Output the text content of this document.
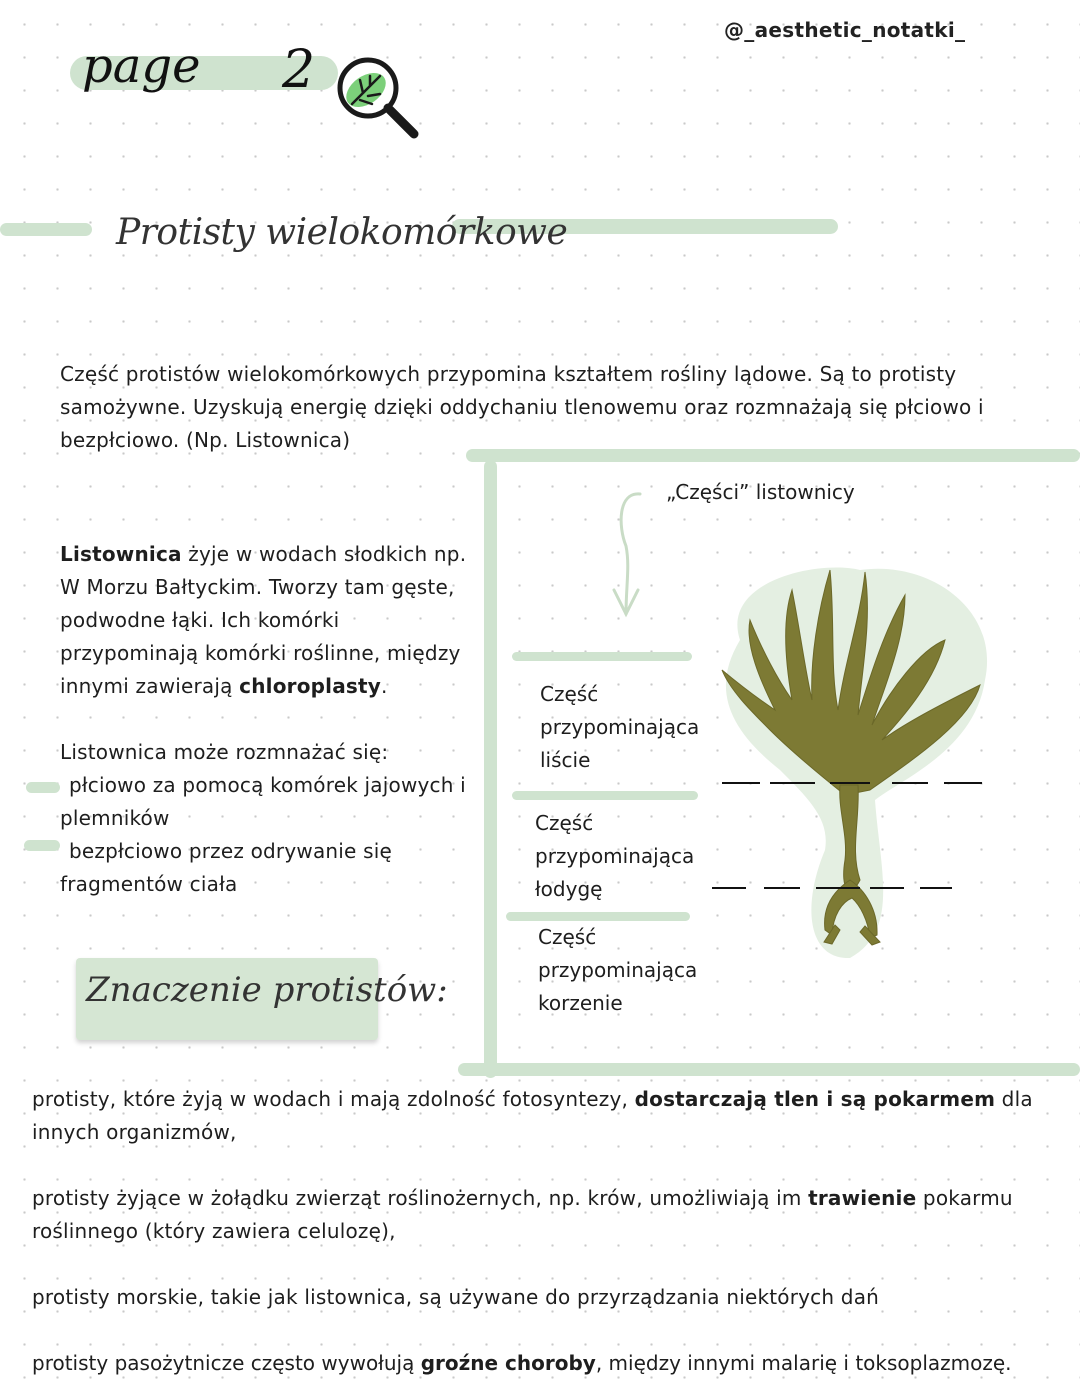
@_aesthetic_notatki_
page 2
Protisty wielokomórkowe
Część protistów wielokomórkowych przypomina kształtem rośliny lądowe. Są to protisty samożywne. Uzyskują energię dzięki oddychaniu tlenowemu oraz rozmnażają się płciowo i bezpłciowo. (Np. Listownica)
„Części” listownicy
Część
przypominająca
liście
Część
przypominająca
łodygę
Część
przypominająca
korzenie
Listownica żyje w wodach słodkich np.
W Morzu Bałtyckim. Tworzy tam gęste,
podwodne łąki. Ich komórki
przypominają komórki roślinne, między
innymi zawierają chloroplasty.
Listownica może rozmnażać się:
płciowo za pomocą komórek jajowych i
plemników
bezpłciowo przez odrywanie się
fragmentów ciała
Znaczenie protistów:
protisty, które żyją w wodach i mają zdolność fotosyntezy, dostarczają tlen i są pokarmem dla innych organizmów,
protisty żyjące w żołądku zwierząt roślinożernych, np. krów, umożliwiają im trawienie pokarmu roślinnego (który zawiera celulozę),
protisty morskie, takie jak listownica, są używane do przyrządzania niektórych dań
protisty pasożytnicze często wywołują groźne choroby, między innymi malarię i toksoplazmozę.
